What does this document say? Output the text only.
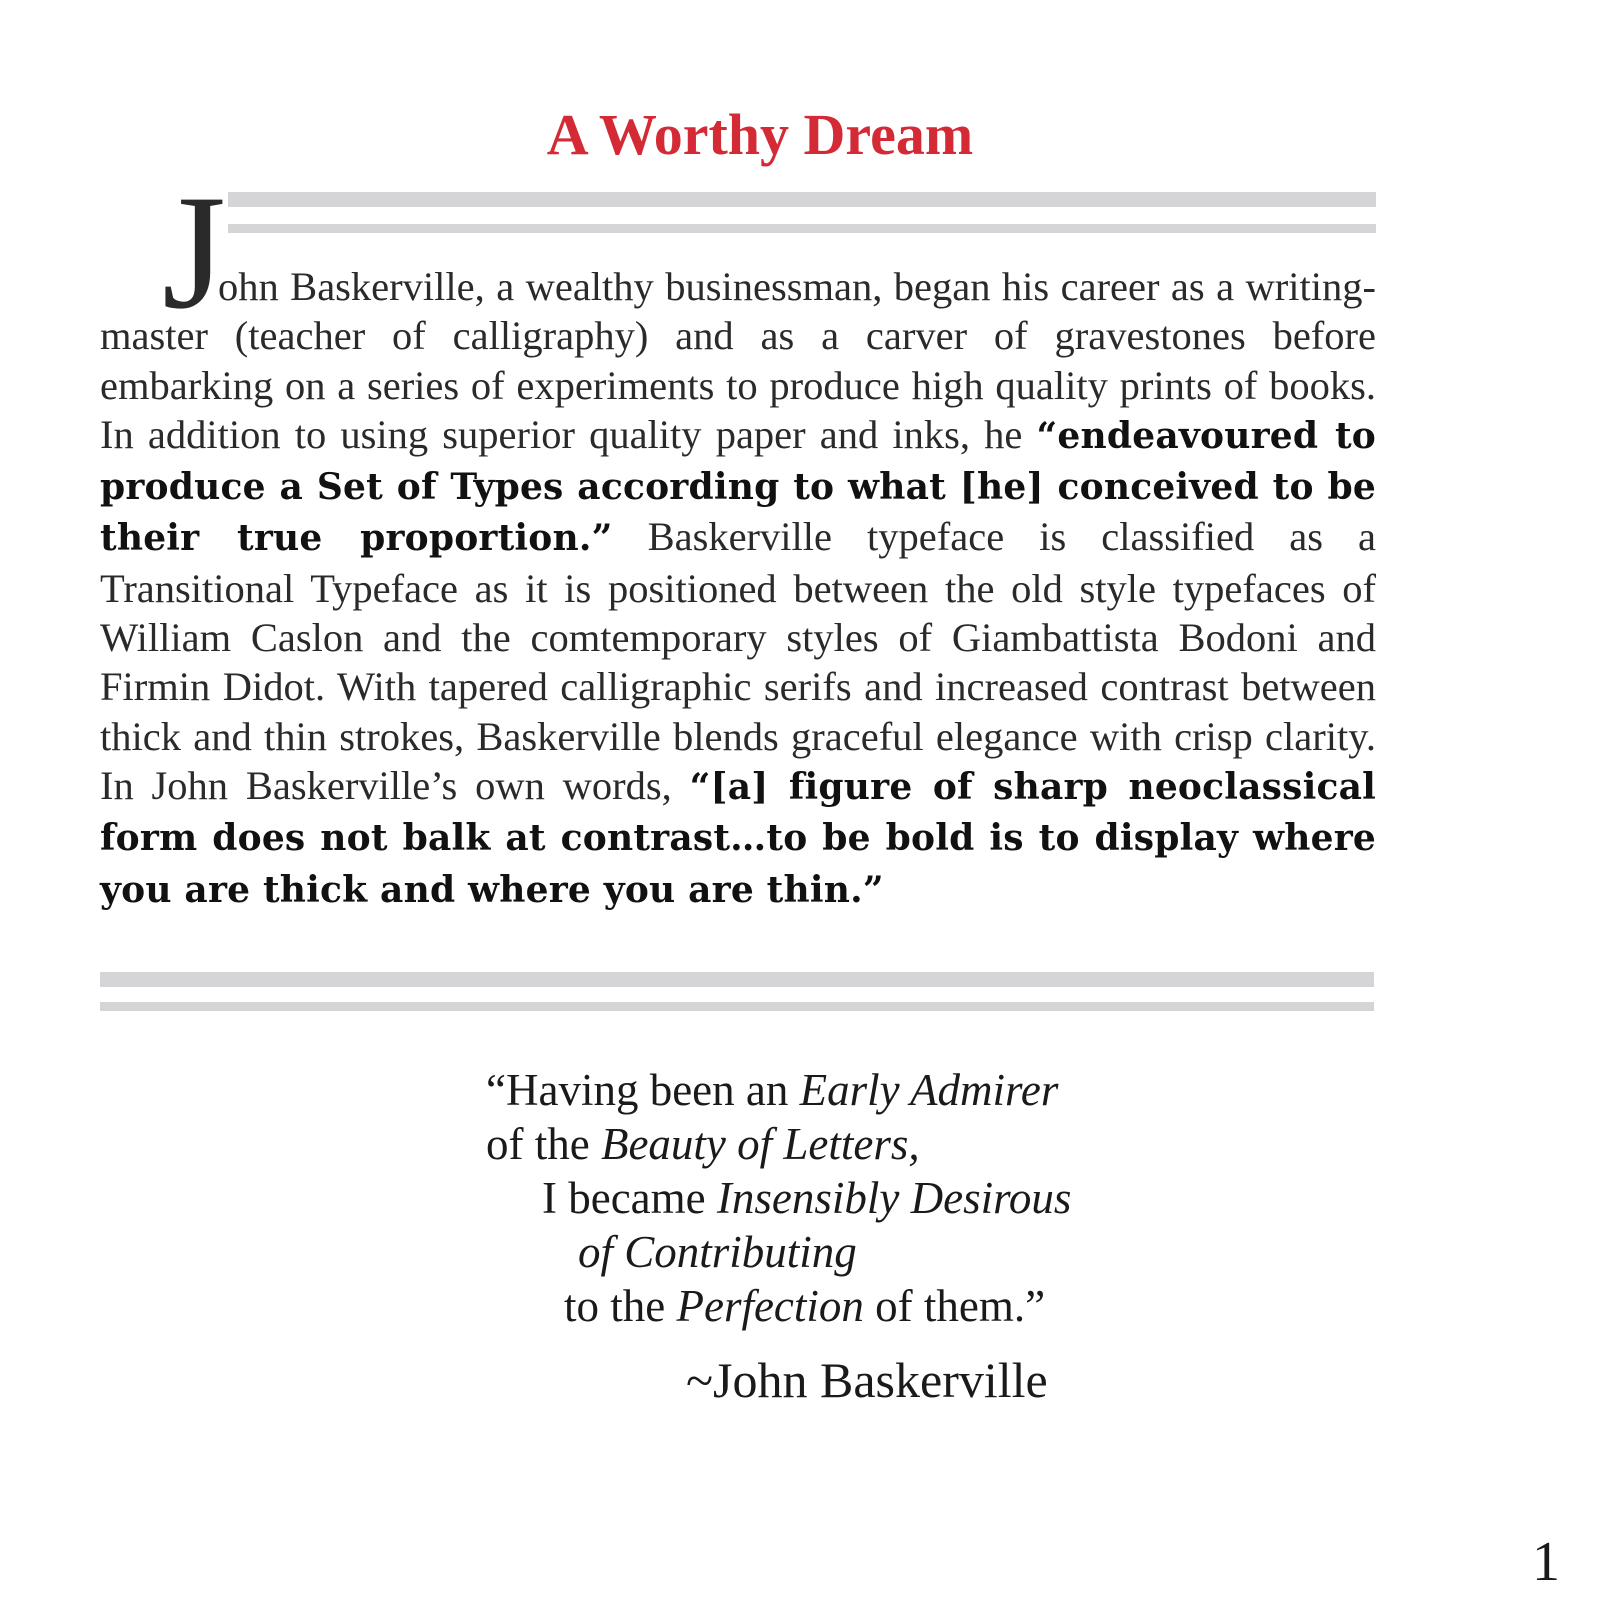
A Worthy Dream
J

ohn Baskerville, a wealthy businessman, began his career as a writing-master (teacher of calligraphy) and as a carver of gravestones before embarking on a series of experiments to produce high quality prints of books. In addition to using superior quality paper and inks, he “endeavoured to produce a Set of Types according to what [he] conceived to be their true proportion.” Baskerville typeface is classified as a Transitional Typeface as it is positioned between the old style typefaces of William Caslon and the comtemporary styles of Giambattista Bodoni and Firmin Didot. With tapered calligraphic serifs and increased contrast between thick and thin strokes, Baskerville blends graceful elegance with crisp clarity. In John Baskerville’s own words, “[a] figure of sharp neoclassical form does not balk at contrast…to be bold is to display where you are thick and where you are thin.”

“Having been an Early Admirer
of the Beauty of Letters,
I became Insensibly Desirous
of Contributing
to the Perfection of them.”
~John Baskerville
1
